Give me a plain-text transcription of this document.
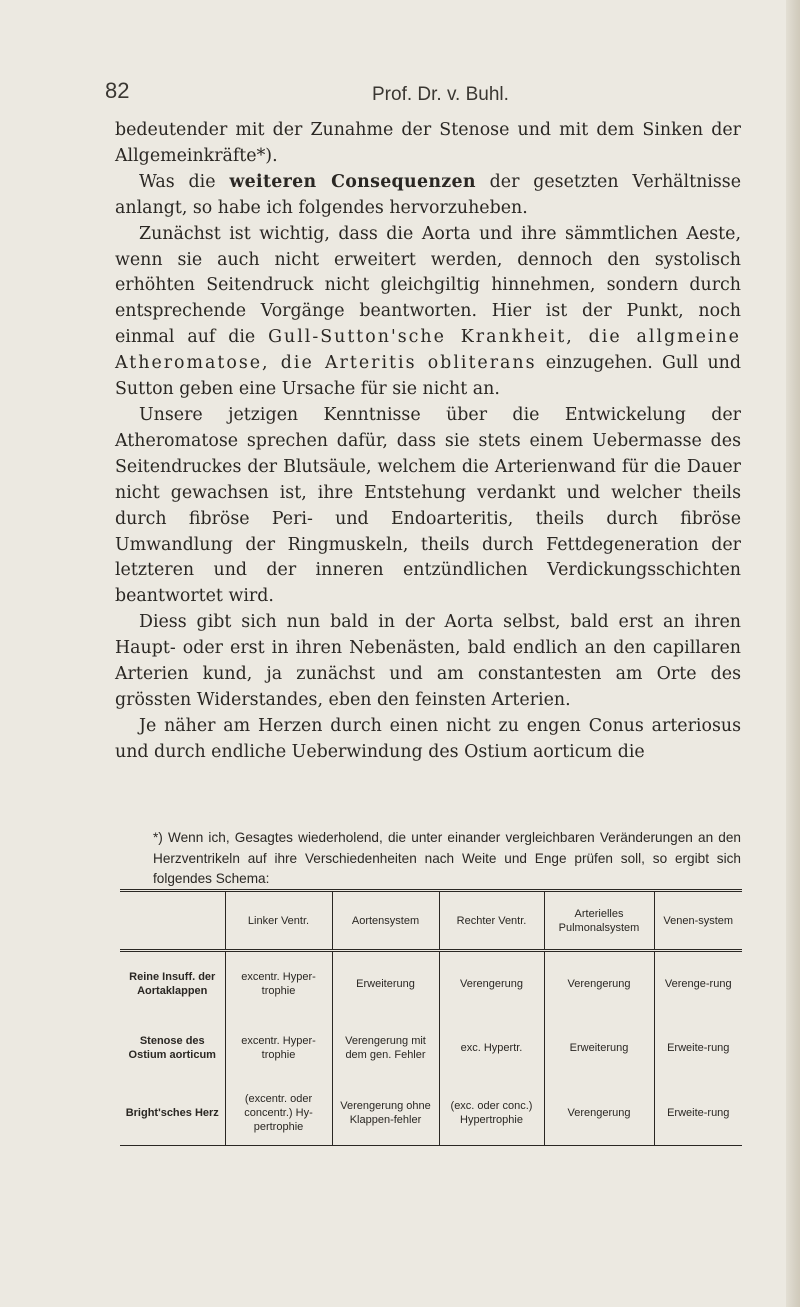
82	Prof. Dr. v. Buhl.

bedeutender mit der Zunahme der Stenose und mit dem Sinken der Allgemeinkräfte*).

Was die weiteren Consequenzen der gesetzten Verhältnisse anlangt, so habe ich folgendes hervorzuheben.

Zunächst ist wichtig, dass die Aorta und ihre sämmtlichen Aeste, wenn sie auch nicht erweitert werden, dennoch den systolisch erhöhten Seitendruck nicht gleichgiltig hinnehmen, sondern durch entsprechende Vorgänge beantworten. Hier ist der Punkt, noch einmal auf die Gull-Sutton'sche Krankheit, die allgmeine Atheromatose, die Arteritis obliterans einzugehen. Gull und Sutton geben eine Ursache für sie nicht an.

Unsere jetzigen Kenntnisse über die Entwickelung der Atheromatose sprechen dafür, dass sie stets einem Uebermasse des Seitendruckes der Blutsäule, welchem die Arterienwand für die Dauer nicht gewachsen ist, ihre Entstehung verdankt und welcher theils durch fibröse Peri- und Endoarteritis, theils durch fibröse Umwandlung der Ringmuskeln, theils durch Fettdegeneration der letzteren und der inneren entzündlichen Verdickungsschichten beantwortet wird.

Diess gibt sich nun bald in der Aorta selbst, bald erst an ihren Haupt- oder erst in ihren Nebenästen, bald endlich an den capillaren Arterien kund, ja zunächst und am constantesten am Orte des grössten Widerstandes, eben den feinsten Arterien.

Je näher am Herzen durch einen nicht zu engen Conus arteriosus und durch endliche Ueberwindung des Ostium aorticum die

*) Wenn ich, Gesagtes wiederholend, die unter einander vergleichbaren Veränderungen an den Herzventrikeln auf ihre Verschiedenheiten nach Weite und Enge prüfen soll, so ergibt sich folgendes Schema:
	Linker Ventr.	Aortensystem	Rechter Ventr.	Arterielles Pulmonalsystem	Venen-system
Reine Insuff. der Aortaklappen	excentr. Hyper-trophie	Erweiterung	Verengerung	Verengerung	Verenge-rung
Stenose des Ostium aorticum	excentr. Hyper-trophie	Verengerung mit dem gen. Fehler	exc. Hypertr.	Erweiterung	Erweite-rung
Bright'sches Herz	(excentr. oder concentr.) Hy-pertrophie	Verengerung ohne Klappen-fehler	(exc. oder conc.) Hypertrophie	Verengerung	Erweite-rung
